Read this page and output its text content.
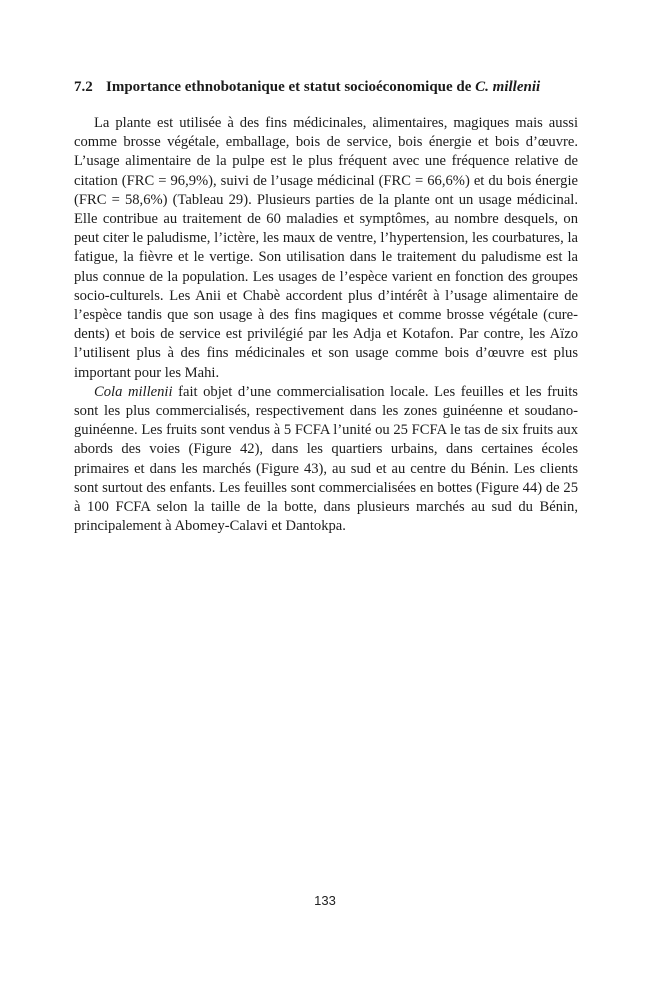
7.2 Importance ethnobotanique et statut socioéconomique de C. millenii

La plante est utilisée à des fins médicinales, alimentaires, magiques mais aussi comme brosse végétale, emballage, bois de service, bois énergie et bois d’œuvre. L’usage alimentaire de la pulpe est le plus fréquent avec une fréquence relative de citation (FRC = 96,9%), suivi de l’usage médicinal (FRC = 66,6%) et du bois énergie (FRC = 58,6%) (Tableau 29). Plusieurs parties de la plante ont un usage médicinal. Elle contribue au traitement de 60 maladies et symptômes, au nombre desquels, on peut citer le paludisme, l’ictère, les maux de ventre, l’hypertension, les courbatures, la fatigue, la fièvre et le vertige. Son utilisation dans le traitement du paludisme est la plus connue de la population. Les usages de l’espèce varient en fonction des groupes socio-culturels. Les Anii et Chabè accordent plus d’intérêt à l’usage alimentaire de l’espèce tandis que son usage à des fins magiques et comme brosse végétale (cure-dents) et bois de service est privilégié par les Adja et Kotafon. Par contre, les Aïzo l’utilisent plus à des fins médicinales et son usage comme bois d’œuvre est plus important pour les Mahi.

Cola millenii fait objet d’une commercialisation locale. Les feuilles et les fruits sont les plus commercialisés, respectivement dans les zones guinéenne et soudano-guinéenne. Les fruits sont vendus à 5 FCFA l’unité ou 25 FCFA le tas de six fruits aux abords des voies (Figure 42), dans les quartiers urbains, dans certaines écoles primaires et dans les marchés (Figure 43), au sud et au centre du Bénin. Les clients sont surtout des enfants. Les feuilles sont commercialisées en bottes (Figure 44) de 25 à 100 FCFA selon la taille de la botte, dans plusieurs marchés au sud du Bénin, principalement à Abomey-Calavi et Dantokpa.

133
